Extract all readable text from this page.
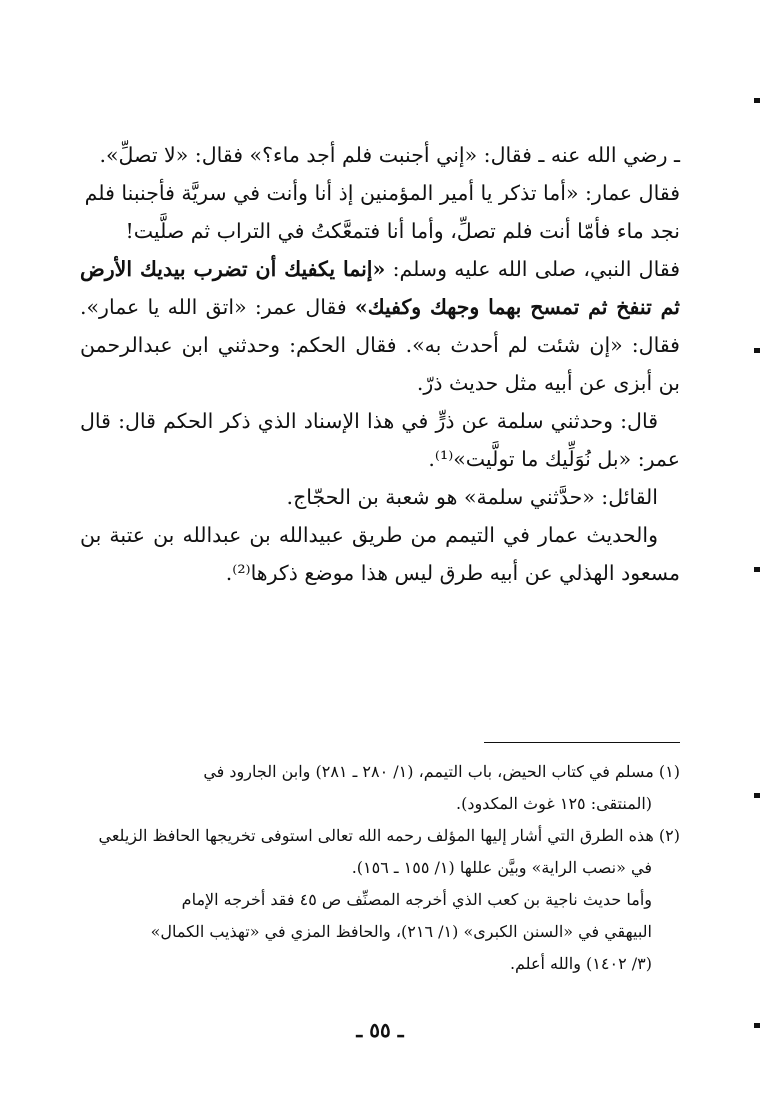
ـ رضي الله عنه ـ فقال: «إني أجنبت فلم أجد ماء؟» فقال: «لا تصلِّ».

فقال عمار: «أما تذكر يا أمير المؤمنين إذ أنا وأنت في سريَّة فأجنبنا فلم

نجد ماء فأمّا أنت فلم تصلِّ، وأما أنا فتمعَّكتُ في التراب ثم صلَّيت!

فقال النبي، صلى الله عليه وسلم: «إنما يكفيك أن تضرب بيديك الأرض ثم تنفخ ثم تمسح بهما وجهك وكفيك» فقال عمر: «اتق الله يا عمار». فقال: «إن شئت لم أحدث به». فقال الحكم: وحدثني ابن عبدالرحمن بن أبزى عن أبيه مثل حديث ذرّ.

قال: وحدثني سلمة عن ذرٍّ في هذا الإسناد الذي ذكر الحكم قال: قال عمر: «بل نُوَلِّيك ما تولَّيت»⁽¹⁾.

القائل: «حدَّثني سلمة» هو شعبة بن الحجّاج.

والحديث عمار في التيمم من طريق عبيدالله بن عبدالله بن عتبة بن مسعود الهذلي عن أبيه طرق ليس هذا موضع ذكرها⁽²⁾.

(١) مسلم في كتاب الحيض، باب التيمم، (١/ ٢٨٠ ـ ٢٨١) وابن الجارود في

(المنتقى: ١٢٥ غوث المكدود).

(٢) هذه الطرق التي أشار إليها المؤلف رحمه الله تعالى استوفى تخريجها الحافظ الزيلعي

في «نصب الراية» وبيَّن عللها (١/ ١٥٥ ـ ١٥٦).

وأما حديث ناجية بن كعب الذي أخرجه المصنِّف ص ٤٥ فقد أخرجه الإمام

البيهقي في «السنن الكبرى» (١/ ٢١٦)، والحافظ المزي في «تهذيب الكمال»

(٣/ ١٤٠٢) والله أعلم.

ـ ٥٥ ـ
